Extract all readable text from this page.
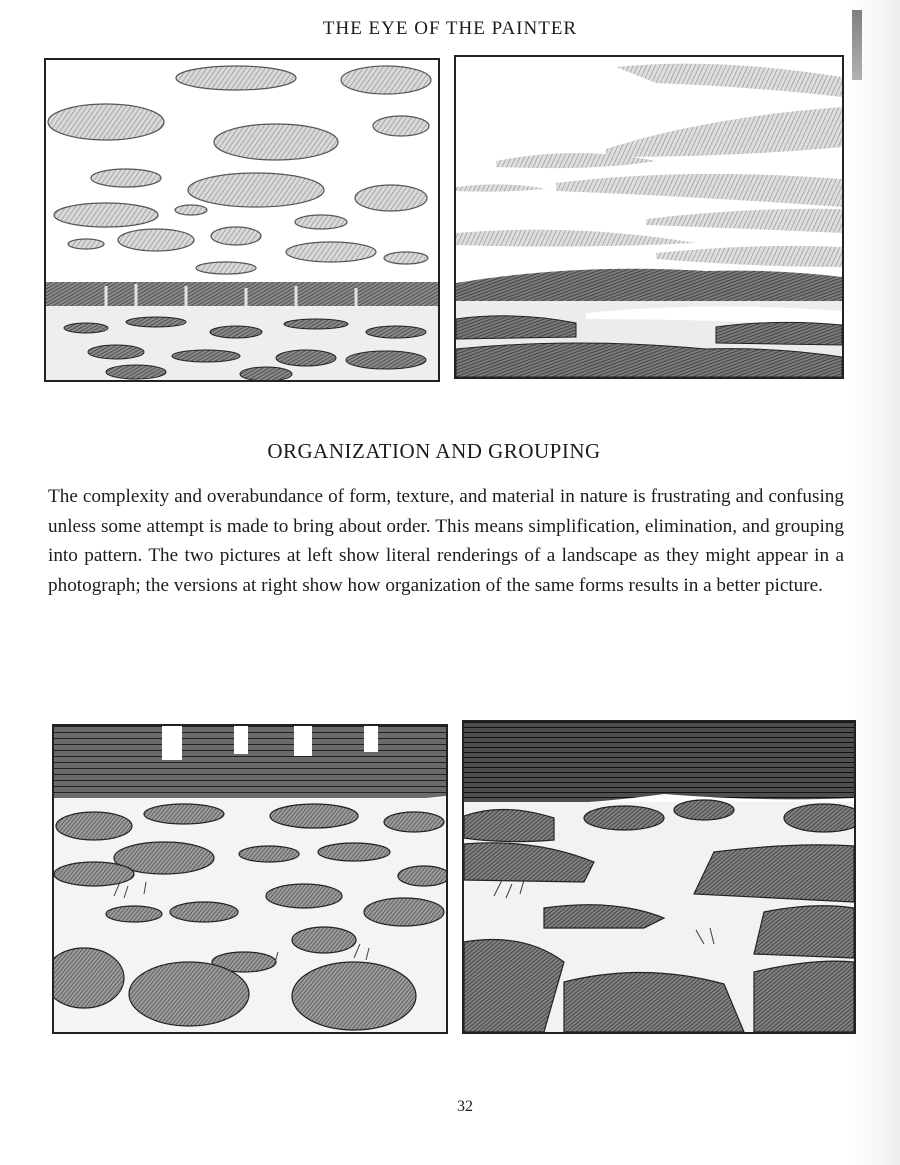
THE EYE OF THE PAINTER
ORGANIZATION AND GROUPING
The complexity and overabundance of form, texture, and material in nature is frustrating and confusing unless some attempt is made to bring about order. This means simplification, elimination, and grouping into pattern. The two pictures at left show literal renderings of a landscape as they might appear in a photograph; the versions at right show how organization of the same forms results in a better picture.
32
